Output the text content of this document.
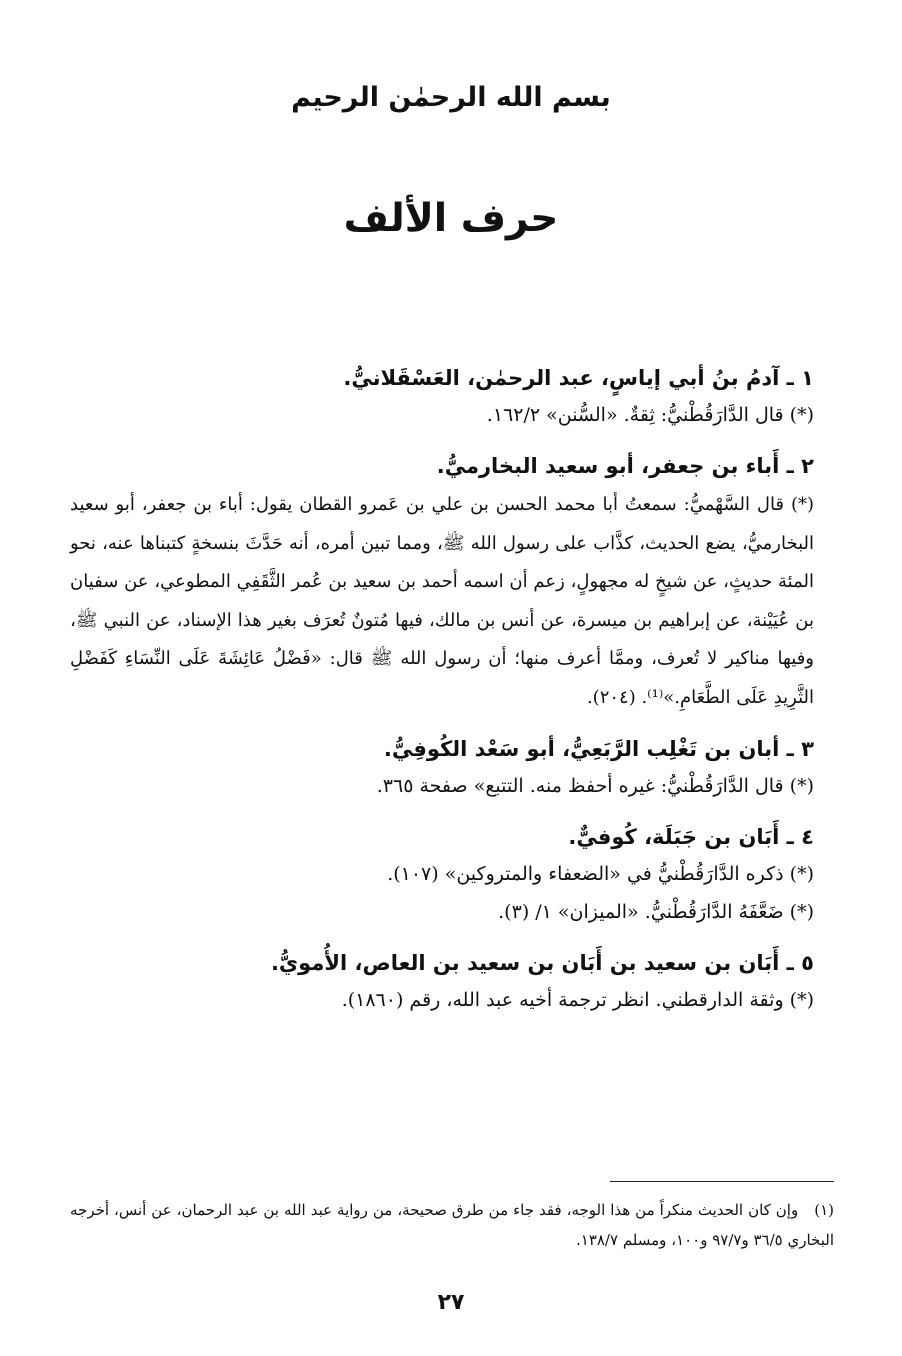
بسم الله الرحمٰن الرحيم
حرف الألف
١ ـ آدمُ بنُ أبي إياسٍ، عبد الرحمٰن، العَسْقَلانيُّ.
(*) قال الدَّارَقُطْنيُّ: ثِقةٌ. «السُّنن» ١٦٢/٢.
٢ ـ أَباء بن جعفر، أبو سعيد البخارميُّ.
(*) قال السَّهْميُّ: سمعتُ أبا محمد الحسن بن علي بن عَمرو القطان يقول: أباء بن جعفر، أبو سعيد البخارميُّ، يضع الحديث، كذَّاب على رسول الله ﷺ، ومما تبين أمره، أنه حَدَّثَ بنسخةٍ كتبناها عنه، نحو المئة حديثٍ، عن شيخٍ له مجهولٍ، زعم أن اسمه أحمد بن سعيد بن عُمر الثَّقَفِي المطوعي، عن سفيان بن عُيَيْنة، عن إبراهيم بن ميسرة، عن أنس بن مالك، فيها مُتونٌ تُعرَف بغير هذا الإسناد، عن النبي ﷺ، وفيها مناكير لا تُعرف، وممَّا أعرف منها؛ أن رسول الله ﷺ قال: «فَضْلُ عَائِشَةَ عَلَى النِّسَاءِ كَفَضْلِ الثَّرِيدِ عَلَى الطَّعَامِ.»⁽¹⁾. (٢٠٤).
٣ ـ أبان بن تَغْلِب الرَّبَعِيُّ، أبو سَعْد الكُوفِيُّ.
(*) قال الدَّارَقُطْنيُّ: غيره أحفظ منه. التتبع» صفحة ٣٦٥.
٤ ـ أَبَان بن جَبَلَة، كُوفيٌّ.
(*) ذكره الدَّارَقُطْنيُّ في «الضعفاء والمتروكين» (١٠٧).
(*) ضَعَّفَهُ الدَّارَقُطْنيُّ. «الميزان» ١/ (٣).
٥ ـ أَبَان بن سعيد بن أَبَان بن سعيد بن العاص، الأُمويُّ.
(*) وثقة الدارقطني. انظر ترجمة أخيه عبد الله، رقم (١٨٦٠).
(١)وإن كان الحديث منكراً من هذا الوجه، فقد جاء من طرق صحيحة، من رواية عبد الله بن عبد الرحمان، عن أنس، أخرجه البخاري ٣٦/٥ و٩٧/٧ و١٠٠، ومسلم ١٣٨/٧.
٢٧
